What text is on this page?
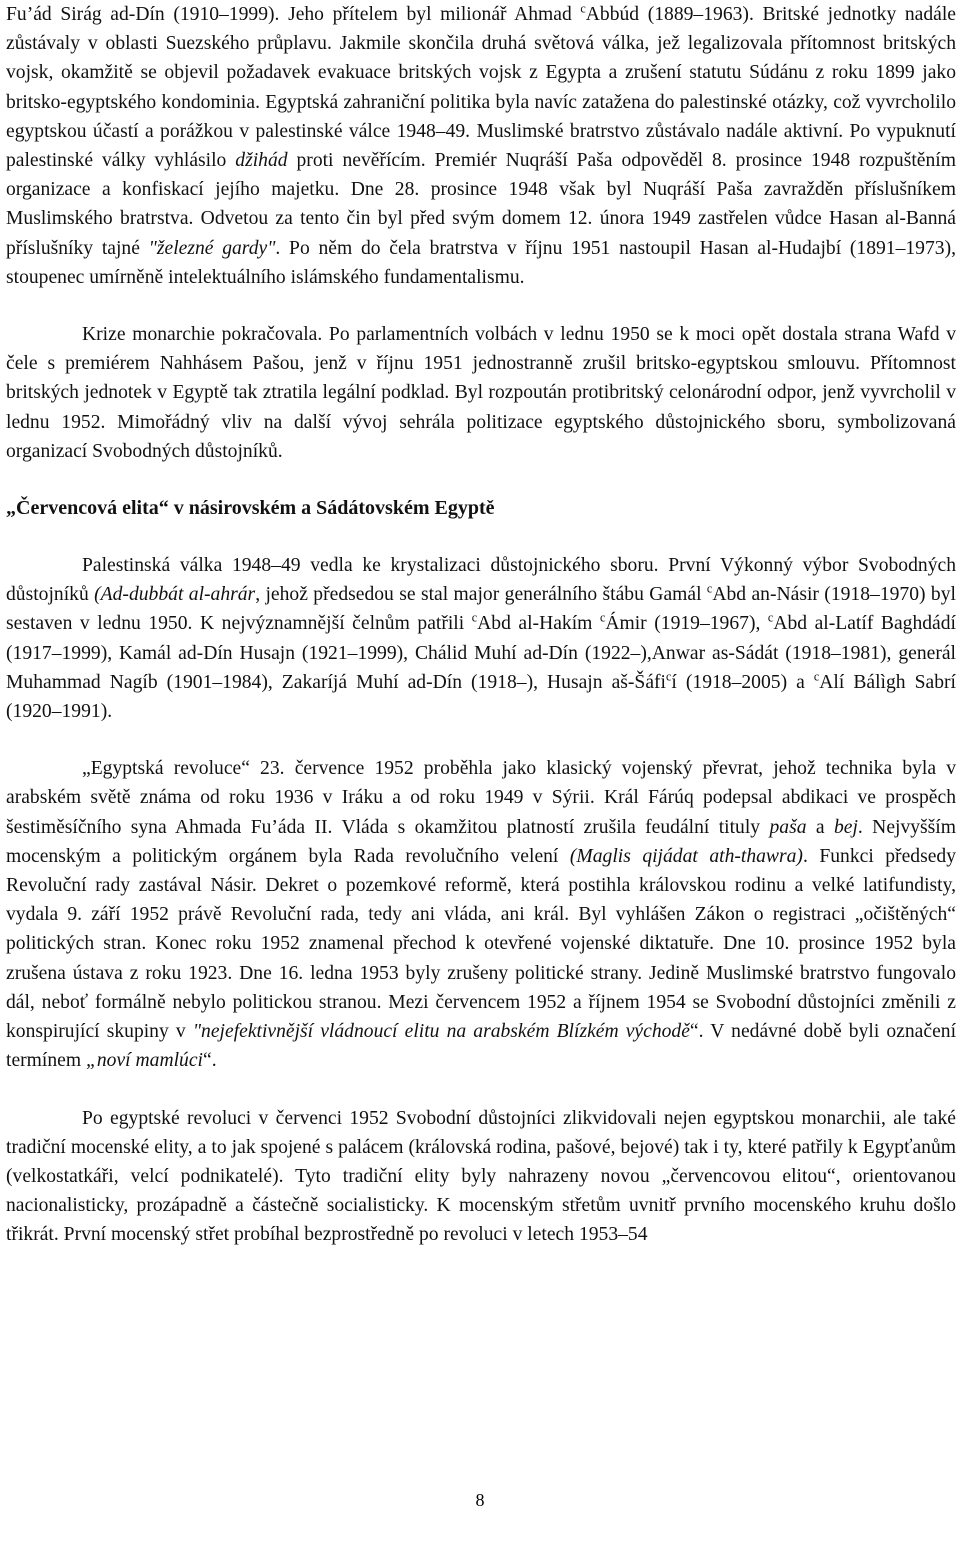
Fu’ád Sirág ad-Dín (1910–1999). Jeho přítelem byl milionář Ahmad $^c$Abbúd (1889–1963). Britské jednotky nadále zůstávaly v oblasti Suezského průplavu. Jakmile skončila druhá světová válka, jež legalizovala přítomnost britských vojsk, okamžitě se objevil požadavek evakuace britských vojsk z Egypta a zrušení statutu Súdánu z roku 1899 jako britsko-egyptského kondominia. Egyptská zahraniční politika byla navíc zatažena do palestinské otázky, což vyvrcholilo egyptskou účastí a porážkou v palestinské válce 1948–49. Muslimské bratrstvo zůstávalo nadále aktivní. Po vypuknutí palestinské války vyhlásilo džihád proti nevěřícím. Premiér Nuqráší Paša odpověděl 8. prosince 1948 rozpuštěním organizace a konfiskací jejího majetku. Dne 28. prosince 1948 však byl Nuqráší Paša zavražděn příslušníkem Muslimského bratrstva. Odvetou za tento čin byl před svým domem 12. února 1949 zastřelen vůdce Hasan al-Banná příslušníky tajné "železné gardy". Po něm do čela bratrstva v říjnu 1951 nastoupil Hasan al-Hudajbí (1891–1973), stoupenec umírněně intelektuálního islámského fundamentalismu.

Krize monarchie pokračovala. Po parlamentních volbách v lednu 1950 se k moci opět dostala strana Wafd v čele s premiérem Nahhásem Pašou, jenž v říjnu 1951 jednostranně zrušil britsko-egyptskou smlouvu. Přítomnost britských jednotek v Egyptě tak ztratila legální podklad. Byl rozpoután protibritský celonárodní odpor, jenž vyvrcholil v lednu 1952. Mimořádný vliv na další vývoj sehrála politizace egyptského důstojnického sboru, symbolizovaná organizací Svobodných důstojníků.

„Červencová elita“ v násirovském a Sádátovském Egyptě

Palestinská válka 1948–49 vedla ke krystalizaci důstojnického sboru. První Výkonný výbor Svobodných důstojníků (Ad-dubbát al-ahrár, jehož předsedou se stal major generálního štábu Gamál $^c$Abd an-Násir (1918–1970) byl sestaven v lednu 1950. K nejvýznamnější čelnům patřili $^c$Abd al-Hakím $^c$Ámir (1919–1967), $^c$Abd al-Latíf Baghdádí (1917–1999), Kamál ad-Dín Husajn (1921–1999), Chálid Muhí ad-Dín (1922–),Anwar as-Sádát (1918–1981), generál Muhammad Nagíb (1901–1984), Zakaríjá Muhí ad-Dín (1918–), Husajn aš-Šáfi$^c$í (1918–2005) a $^c$Alí Bálìgh Sabrí (1920–1991).

„Egyptská revoluce“ 23. července 1952 proběhla jako klasický vojenský převrat, jehož technika byla v arabském světě známa od roku 1936 v Iráku a od roku 1949 v Sýrii. Král Fárúq podepsal abdikaci ve prospěch šestiměsíčního syna Ahmada Fu’áda II. Vláda s okamžitou platností zrušila feudální tituly paša a bej. Nejvyšším mocenským a politickým orgánem byla Rada revolučního velení (Maglis qijádat ath-thawra). Funkci předsedy Revoluční rady zastával Násir. Dekret o pozemkové reformě, která postihla královskou rodinu a velké latifundisty, vydala 9. září 1952 právě Revoluční rada, tedy ani vláda, ani král. Byl vyhlášen Zákon o registraci „očištěných“ politických stran. Konec roku 1952 znamenal přechod k otevřené vojenské diktatuře. Dne 10. prosince 1952 byla zrušena ústava z roku 1923. Dne 16. ledna 1953 byly zrušeny politické strany. Jedině Muslimské bratrstvo fungovalo dál, neboť formálně nebylo politickou stranou. Mezi červencem 1952 a říjnem 1954 se Svobodní důstojníci změnili z konspirující skupiny v "nejefektivnější vládnoucí elitu na arabském Blízkém východě“. V nedávné době byli označení termínem „noví mamlúci“.

Po egyptské revoluci v červenci 1952 Svobodní důstojníci zlikvidovali nejen egyptskou monarchii, ale také tradiční mocenské elity, a to jak spojené s palácem (královská rodina, pašové, bejové) tak i ty, které patřily k Egypťanům (velkostatkáři, velcí podnikatelé). Tyto tradiční elity byly nahrazeny novou „červencovou elitou“, orientovanou nacionalisticky, prozápadně a částečně socialisticky. K mocenským střetům uvnitř prvního mocenského kruhu došlo třikrát. První mocenský střet probíhal bezprostředně po revoluci v letech 1953–54

8
